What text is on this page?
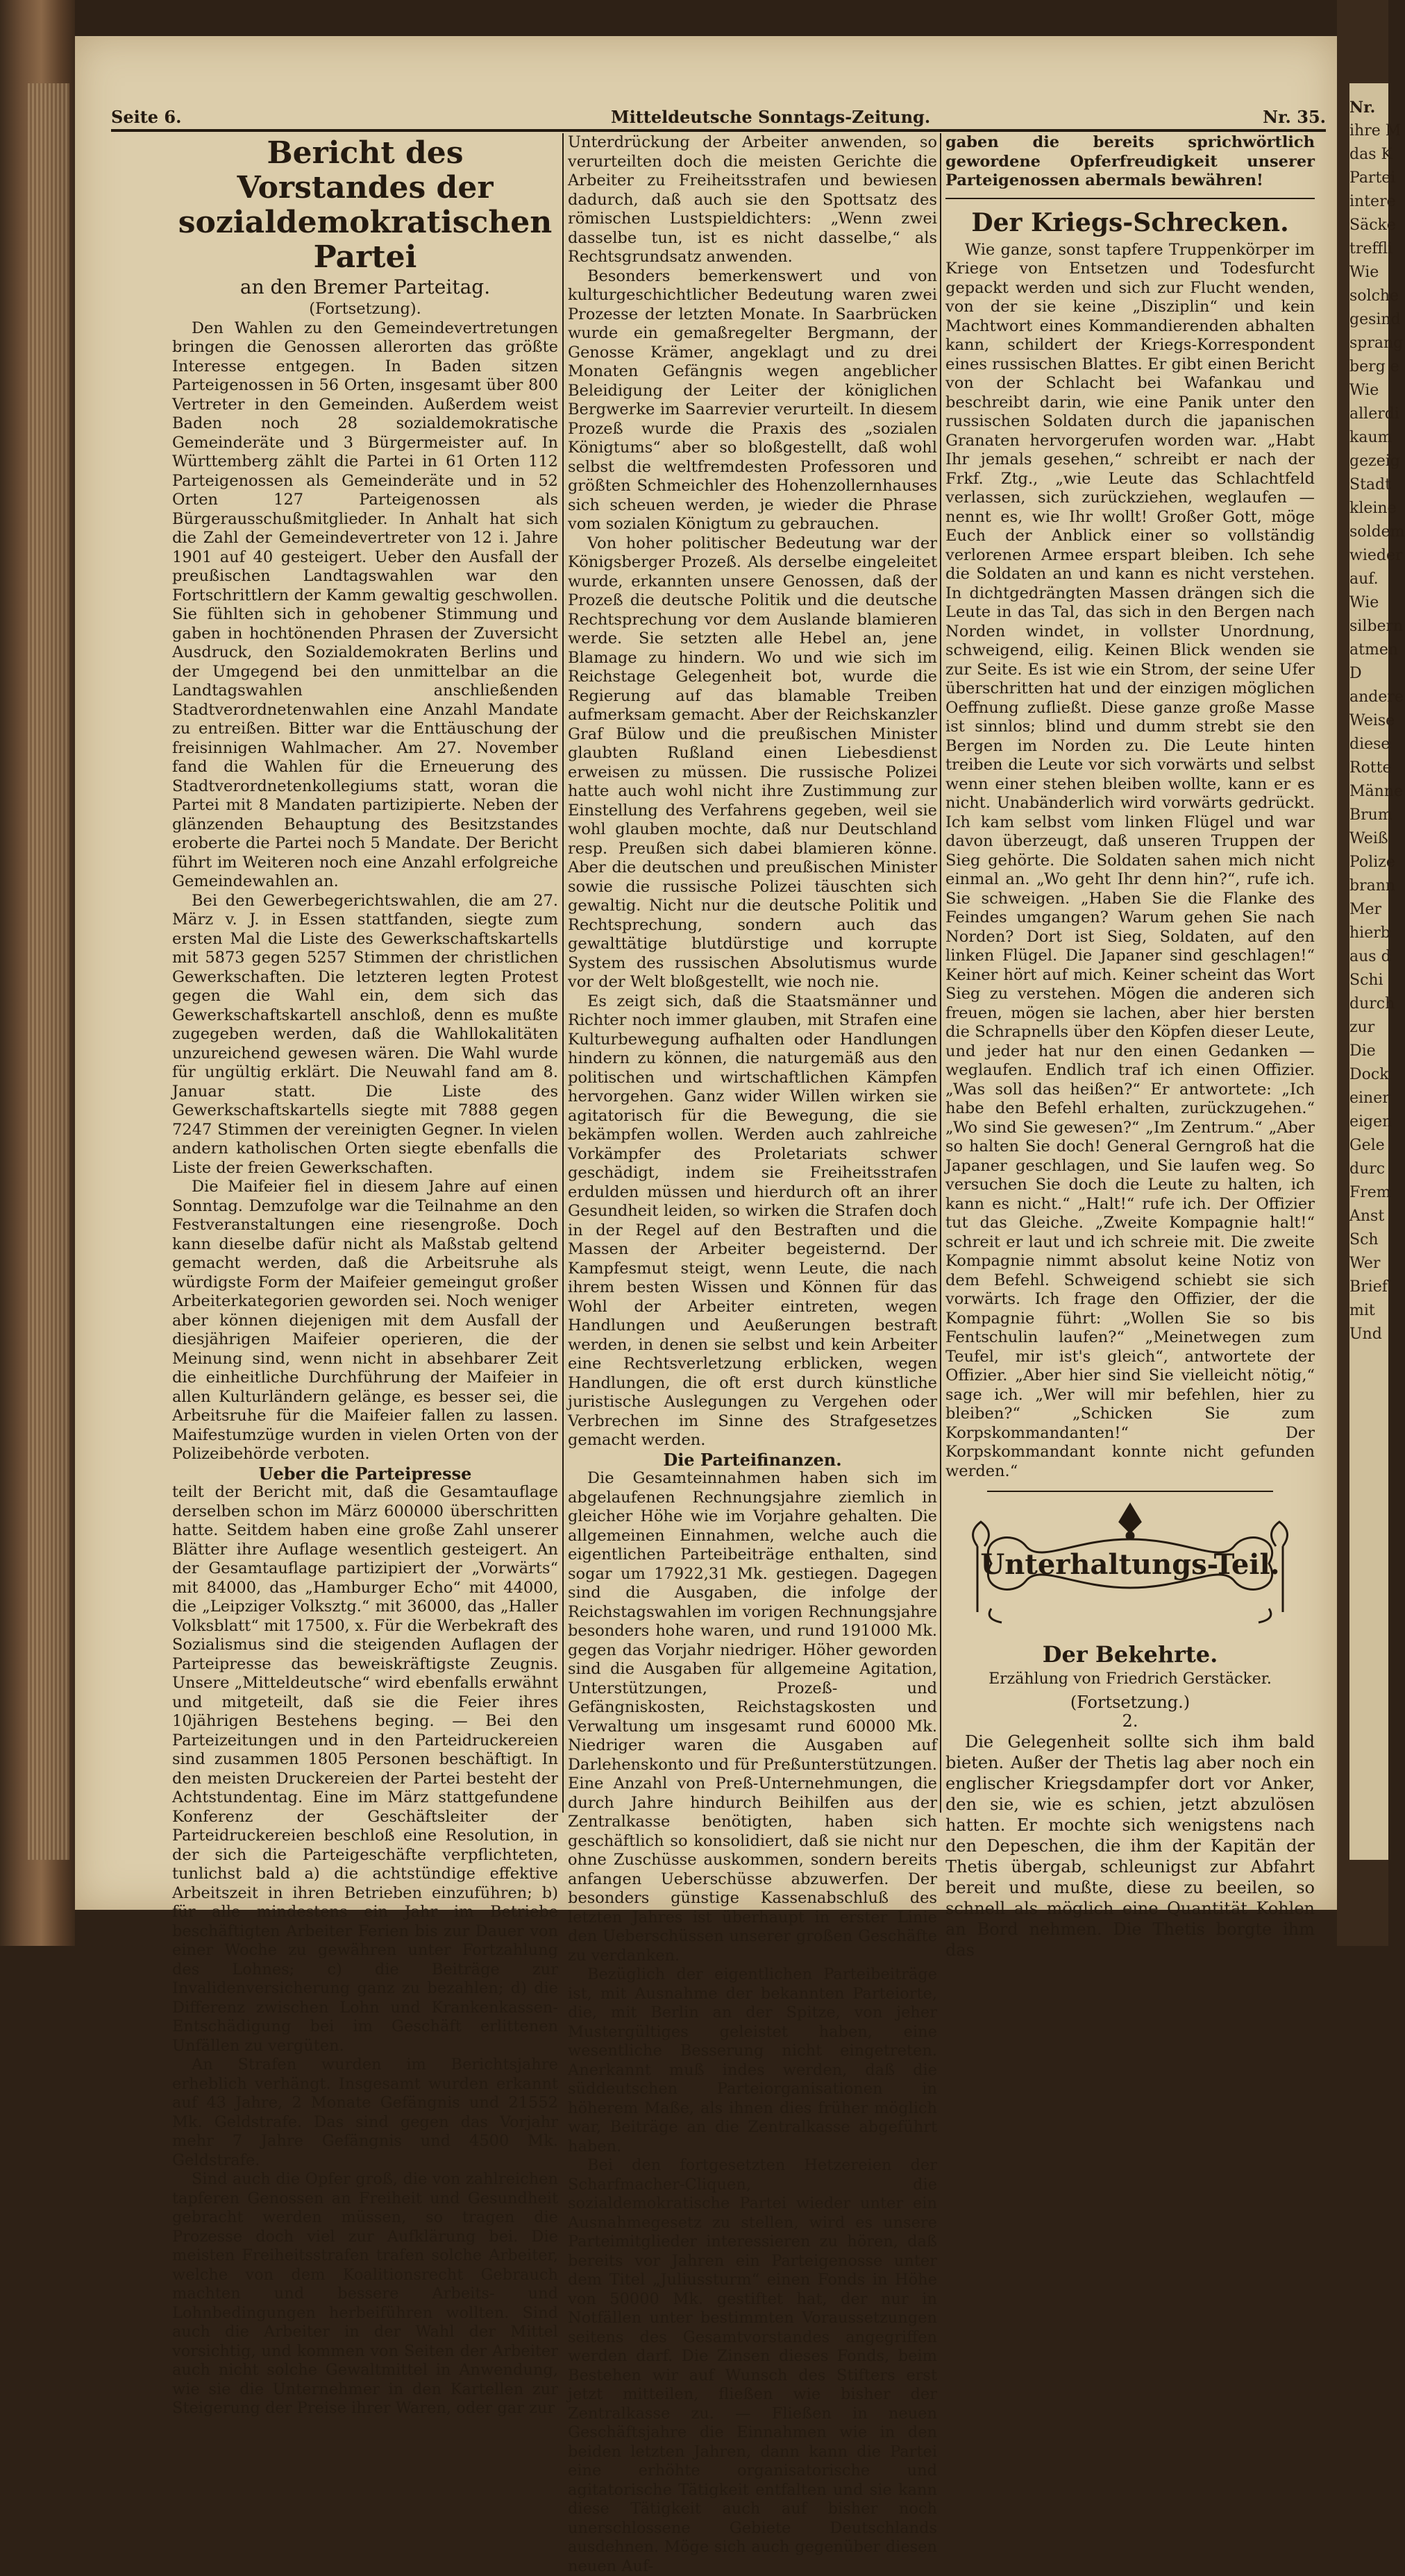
Nr.
ihre M
das K
Partei
intere
Säcke
treffli
Wie
solche
gesind
sprang
berg e
Wie
allerdi
kaum
gezeig
Stadt
kleine
soldem
wieder
auf.
Wie
silbern
atmen
D
andere
Weise
diese
Rotte
Männe
Brum
Weiß
Polize
brann
Mer
hierb
aus d
Schi
durch
zur
Die
Dock
einer
eigen
Gele
durc
Frem
Anst
Sch
Wer
Brief
mit
Und
Seite 6.	Mitteldeutsche Sonntags-Zeitung.	Nr. 35.
Bericht des Vorstandes der sozialdemokratischen Partei
an den Bremer Parteitag.
(Fortsetzung).

Den Wahlen zu den Gemeindevertretungen bringen die Genossen allerorten das größte Interesse entgegen. In Baden sitzen Parteigenossen in 56 Orten, insgesamt über 800 Vertreter in den Gemeinden. Außerdem weist Baden noch 28 sozialdemokratische Gemeinderäte und 3 Bürgermeister auf. In Württemberg zählt die Partei in 61 Orten 112 Parteigenossen als Gemeinderäte und in 52 Orten 127 Parteigenossen als Bürgerausschußmitglieder. In Anhalt hat sich die Zahl der Gemeindevertreter von 12 i. Jahre 1901 auf 40 gesteigert. Ueber den Ausfall der preußischen Landtagswahlen war den Fortschrittlern der Kamm gewaltig geschwollen. Sie fühlten sich in gehobener Stimmung und gaben in hochtönenden Phrasen der Zuversicht Ausdruck, den Sozialdemokraten Berlins und der Umgegend bei den unmittelbar an die Landtagswahlen anschließenden Stadtverordnetenwahlen eine Anzahl Mandate zu entreißen. Bitter war die Enttäuschung der freisinnigen Wahlmacher. Am 27. November fand die Wahlen für die Erneuerung des Stadtverordnetenkollegiums statt, woran die Partei mit 8 Mandaten partizipierte. Neben der glänzenden Behauptung des Besitzstandes eroberte die Partei noch 5 Mandate. Der Bericht führt im Weiteren noch eine Anzahl erfolgreiche Gemeindewahlen an.

Bei den Gewerbegerichtswahlen, die am 27. März v. J. in Essen stattfanden, siegte zum ersten Mal die Liste des Gewerkschaftskartells mit 5873 gegen 5257 Stimmen der christlichen Gewerkschaften. Die letzteren legten Protest gegen die Wahl ein, dem sich das Gewerkschaftskartell anschloß, denn es mußte zugegeben werden, daß die Wahllokalitäten unzureichend gewesen wären. Die Wahl wurde für ungültig erklärt. Die Neuwahl fand am 8. Januar statt. Die Liste des Gewerkschaftskartells siegte mit 7888 gegen 7247 Stimmen der vereinigten Gegner. In vielen andern katholischen Orten siegte ebenfalls die Liste der freien Gewerkschaften.

Die Maifeier fiel in diesem Jahre auf einen Sonntag. Demzufolge war die Teilnahme an den Festveranstaltungen eine riesengroße. Doch kann dieselbe dafür nicht als Maßstab geltend gemacht werden, daß die Arbeitsruhe als würdigste Form der Maifeier gemeingut großer Arbeiterkategorien geworden sei. Noch weniger aber können diejenigen mit dem Ausfall der diesjährigen Maifeier operieren, die der Meinung sind, wenn nicht in absehbarer Zeit die einheitliche Durchführung der Maifeier in allen Kulturländern gelänge, es besser sei, die Arbeitsruhe für die Maifeier fallen zu lassen. Maifestumzüge wurden in vielen Orten von der Polizeibehörde verboten.

Ueber die Parteipresse

teilt der Bericht mit, daß die Gesamtauflage derselben schon im März 600000 überschritten hatte. Seitdem haben eine große Zahl unserer Blätter ihre Auflage wesentlich gesteigert. An der Gesamtauflage partizipiert der „Vorwärts“ mit 84000, das „Hamburger Echo“ mit 44000, die „Leipziger Volksztg.“ mit 36000, das „Haller Volksblatt“ mit 17500, x. Für die Werbekraft des Sozialismus sind die steigenden Auflagen der Parteipresse das beweiskräftigste Zeugnis. Unsere „Mitteldeutsche“ wird ebenfalls erwähnt und mitgeteilt, daß sie die Feier ihres 10jährigen Bestehens beging. — Bei den Parteizeitungen und in den Parteidruckereien sind zusammen 1805 Personen beschäftigt. In den meisten Druckereien der Partei besteht der Achtstundentag. Eine im März stattgefundene Konferenz der Geschäftsleiter der Parteidruckereien beschloß eine Resolution, in der sich die Parteigeschäfte verpflichteten, tunlichst bald a) die achtstündige effektive Arbeitszeit in ihren Betrieben einzuführen; b) für alle mindestens ein Jahr im Betriebe beschäftigten Arbeiter Ferien bis zur Dauer von einer Woche zu gewähren unter Fortzahlung des Lohnes; c) die Beiträge zur Invalidenversicherung ganz zu bezahlen; d) die Differenz zwischen Lohn und Krankenkassen-Entschädigung bei im Geschäft erlittenen Unfällen zu vergüten.

An Strafen wurden im Berichtsjahre erheblich verhängt. Insgesamt wurden erkannt auf 43 Jahre, 2 Monate Gefängnis und 21552 Mk. Geldstrafe. Das sind gegen das Vorjahr mehr 7 Jahre Gefängnis und 4500 Mk. Geldstrafe.

Sind auch die Opfer groß, die von zahlreichen tapferen Genossen an Freiheit und Gesundheit gebracht werden müssen, so tragen die Prozesse doch viel zur Aufklärung bei. Die meisten Freiheitsstrafen trafen solche Arbeiter, welche von dem Koalitionsrecht Gebrauch machten und bessere Arbeits- und Lohnbedingungen herbeiführen wollten. Sind auch die Arbeiter in der Wahl der Mittel vorsichtig, und kommen von Seiten der Arbeiter auch nicht solche Gewaltmittel in Anwendung, wie sie die Unternehmer in den Kartellen zur Steigerung der Preise ihrer Waren, oder gar zur

Unterdrückung der Arbeiter anwenden, so verurteilten doch die meisten Gerichte die Arbeiter zu Freiheitsstrafen und bewiesen dadurch, daß auch sie den Spottsatz des römischen Lustspieldichters: „Wenn zwei dasselbe tun, ist es nicht dasselbe,“ als Rechtsgrundsatz anwenden.

Besonders bemerkenswert und von kulturgeschichtlicher Bedeutung waren zwei Prozesse der letzten Monate. In Saarbrücken wurde ein gemaßregelter Bergmann, der Genosse Krämer, angeklagt und zu drei Monaten Gefängnis wegen angeblicher Beleidigung der Leiter der königlichen Bergwerke im Saarrevier verurteilt. In diesem Prozeß wurde die Praxis des „sozialen Königtums“ aber so bloßgestellt, daß wohl selbst die weltfremdesten Professoren und größten Schmeichler des Hohenzollernhauses sich scheuen werden, je wieder die Phrase vom sozialen Königtum zu gebrauchen.

Von hoher politischer Bedeutung war der Königsberger Prozeß. Als derselbe eingeleitet wurde, erkannten unsere Genossen, daß der Prozeß die deutsche Politik und die deutsche Rechtsprechung vor dem Auslande blamieren werde. Sie setzten alle Hebel an, jene Blamage zu hindern. Wo und wie sich im Reichstage Gelegenheit bot, wurde die Regierung auf das blamable Treiben aufmerksam gemacht. Aber der Reichskanzler Graf Bülow und die preußischen Minister glaubten Rußland einen Liebesdienst erweisen zu müssen. Die russische Polizei hatte auch wohl nicht ihre Zustimmung zur Einstellung des Verfahrens gegeben, weil sie wohl glauben mochte, daß nur Deutschland resp. Preußen sich dabei blamieren könne. Aber die deutschen und preußischen Minister sowie die russische Polizei täuschten sich gewaltig. Nicht nur die deutsche Politik und Rechtsprechung, sondern auch das gewalttätige blutdürstige und korrupte System des russischen Absolutismus wurde vor der Welt bloßgestellt, wie noch nie.

Es zeigt sich, daß die Staatsmänner und Richter noch immer glauben, mit Strafen eine Kulturbewegung aufhalten oder Handlungen hindern zu können, die naturgemäß aus den politischen und wirtschaftlichen Kämpfen hervorgehen. Ganz wider Willen wirken sie agitatorisch für die Bewegung, die sie bekämpfen wollen. Werden auch zahlreiche Vorkämpfer des Proletariats schwer geschädigt, indem sie Freiheitsstrafen erdulden müssen und hierdurch oft an ihrer Gesundheit leiden, so wirken die Strafen doch in der Regel auf den Bestraften und die Massen der Arbeiter begeisternd. Der Kampfesmut steigt, wenn Leute, die nach ihrem besten Wissen und Können für das Wohl der Arbeiter eintreten, wegen Handlungen und Aeußerungen bestraft werden, in denen sie selbst und kein Arbeiter eine Rechtsverletzung erblicken, wegen Handlungen, die oft erst durch künstliche juristische Auslegungen zu Vergehen oder Verbrechen im Sinne des Strafgesetzes gemacht werden.

Die Parteifinanzen.

Die Gesamteinnahmen haben sich im abgelaufenen Rechnungsjahre ziemlich in gleicher Höhe wie im Vorjahre gehalten. Die allgemeinen Einnahmen, welche auch die eigentlichen Parteibeiträge enthalten, sind sogar um 17922,31 Mk. gestiegen. Dagegen sind die Ausgaben, die infolge der Reichstagswahlen im vorigen Rechnungsjahre besonders hohe waren, und rund 191000 Mk. gegen das Vorjahr niedriger. Höher geworden sind die Ausgaben für allgemeine Agitation, Unterstützungen, Prozeß- und Gefängniskosten, Reichstagskosten und Verwaltung um insgesamt rund 60000 Mk. Niedriger waren die Ausgaben auf Darlehenskonto und für Preßunterstützungen. Eine Anzahl von Preß-Unternehmungen, die durch Jahre hindurch Beihilfen aus der Zentralkasse benötigten, haben sich geschäftlich so konsolidiert, daß sie nicht nur ohne Zuschüsse auskommen, sondern bereits anfangen Ueberschüsse abzuwerfen. Der besonders günstige Kassenabschluß des letzten Jahres ist überhaupt in erster Linie den Ueberschüssen unserer großen Geschäfte zu verdanken.

Bezüglich der eigentlichen Parteibeiträge ist, mit Ausnahme der bekannten Parteiorte, die, mit Berlin an der Spitze, von jeher Mustergültiges geleistet haben, eine wesentliche Besserung nicht eingetreten. Anerkannt muß indes werden, daß die süddeutschen Parteiorganisationen in höherem Maße, als ihnen dies früher möglich war, Beiträge an die Zentralkasse abgeführt haben.

Bei den fortgesetzten Hetzereien der Scharfmacher-Cliquen, die sozialdemokratische Partei wieder unter ein Ausnahmegesetz zu stellen, wird es unsere Parteimitglieder interessieren zu hören, daß bereits vor Jahren ein Parteigenosse unter dem Titel „Juliussturm“ einen Fonds in Höhe von 50000 Mk. gestiftet hat, der nur in Notfällen unter bestimmten Voraussetzungen seitens des Gesamtvorstandes angegriffen werden darf. Die Zinsen dieses Fonds, beim Bestehen wir auf Wunsch des Stifters erst jetzt mitteilen, fließen wie bisher der Zentralkasse zu. — Fließen in neuen Geschäftsjahre die Einnahmen wie in den beiden letzten Jahren, dann kann die Partei eine erhöhte organisatorische und agitatorische Tätigkeit entfalten und sie kann diese Tätigkeit auch auf bisher noch unerschlossene Gebiete Deutschlands ausdehnen. Möge sich auch gegenüber diesen neuen Auf-

gaben die bereits sprichwörtlich gewordene Opferfreudigkeit unserer Parteigenossen abermals bewähren!

Der Kriegs-Schrecken.

Wie ganze, sonst tapfere Truppenkörper im Kriege von Entsetzen und Todesfurcht gepackt werden und sich zur Flucht wenden, von der sie keine „Disziplin“ und kein Machtwort eines Kommandierenden abhalten kann, schildert der Kriegs-Korrespondent eines russischen Blattes. Er gibt einen Bericht von der Schlacht bei Wafankau und beschreibt darin, wie eine Panik unter den russischen Soldaten durch die japanischen Granaten hervorgerufen worden war. „Habt Ihr jemals gesehen,“ schreibt er nach der Frkf. Ztg., „wie Leute das Schlachtfeld verlassen, sich zurückziehen, weglaufen — nennt es, wie Ihr wollt! Großer Gott, möge Euch der Anblick einer so vollständig verlorenen Armee erspart bleiben. Ich sehe die Soldaten an und kann es nicht verstehen. In dichtgedrängten Massen drängen sich die Leute in das Tal, das sich in den Bergen nach Norden windet, in vollster Unordnung, schweigend, eilig. Keinen Blick wenden sie zur Seite. Es ist wie ein Strom, der seine Ufer überschritten hat und der einzigen möglichen Oeffnung zufließt. Diese ganze große Masse ist sinnlos; blind und dumm strebt sie den Bergen im Norden zu. Die Leute hinten treiben die Leute vor sich vorwärts und selbst wenn einer stehen bleiben wollte, kann er es nicht. Unabänderlich wird vorwärts gedrückt. Ich kam selbst vom linken Flügel und war davon überzeugt, daß unseren Truppen der Sieg gehörte. Die Soldaten sahen mich nicht einmal an. „Wo geht Ihr denn hin?“, rufe ich. Sie schweigen. „Haben Sie die Flanke des Feindes umgangen? Warum gehen Sie nach Norden? Dort ist Sieg, Soldaten, auf den linken Flügel. Die Japaner sind geschlagen!“ Keiner hört auf mich. Keiner scheint das Wort Sieg zu verstehen. Mögen die anderen sich freuen, mögen sie lachen, aber hier bersten die Schrapnells über den Köpfen dieser Leute, und jeder hat nur den einen Gedanken — weglaufen. Endlich traf ich einen Offizier. „Was soll das heißen?“ Er antwortete: „Ich habe den Befehl erhalten, zurückzugehen.“ „Wo sind Sie gewesen?“ „Im Zentrum.“ „Aber so halten Sie doch! General Gerngroß hat die Japaner geschlagen, und Sie laufen weg. So versuchen Sie doch die Leute zu halten, ich kann es nicht.“ „Halt!“ rufe ich. Der Offizier tut das Gleiche. „Zweite Kompagnie halt!“ schreit er laut und ich schreie mit. Die zweite Kompagnie nimmt absolut keine Notiz von dem Befehl. Schweigend schiebt sie sich vorwärts. Ich frage den Offizier, der die Kompagnie führt: „Wollen Sie so bis Fentschulin laufen?“ „Meinetwegen zum Teufel, mir ist's gleich“, antwortete der Offizier. „Aber hier sind Sie vielleicht nötig,“ sage ich. „Wer will mir befehlen, hier zu bleiben?“ „Schicken Sie zum Korpskommandanten!“ Der Korpskommandant konnte nicht gefunden werden.“

Unterhaltungs-Teil.
Der Bekehrte.
Erzählung von Friedrich Gerstäcker.
(Fortsetzung.)
2.

Die Gelegenheit sollte sich ihm bald bieten. Außer der Thetis lag aber noch ein englischer Kriegsdampfer dort vor Anker, den sie, wie es schien, jetzt abzulösen hatten. Er mochte sich wenigstens nach den Depeschen, die ihm der Kapitän der Thetis übergab, schleunigst zur Abfahrt bereit und mußte, diese zu beeilen, so schnell als möglich eine Quantität Kohlen an Bord nehmen. Die Thetis borgte ihm das
